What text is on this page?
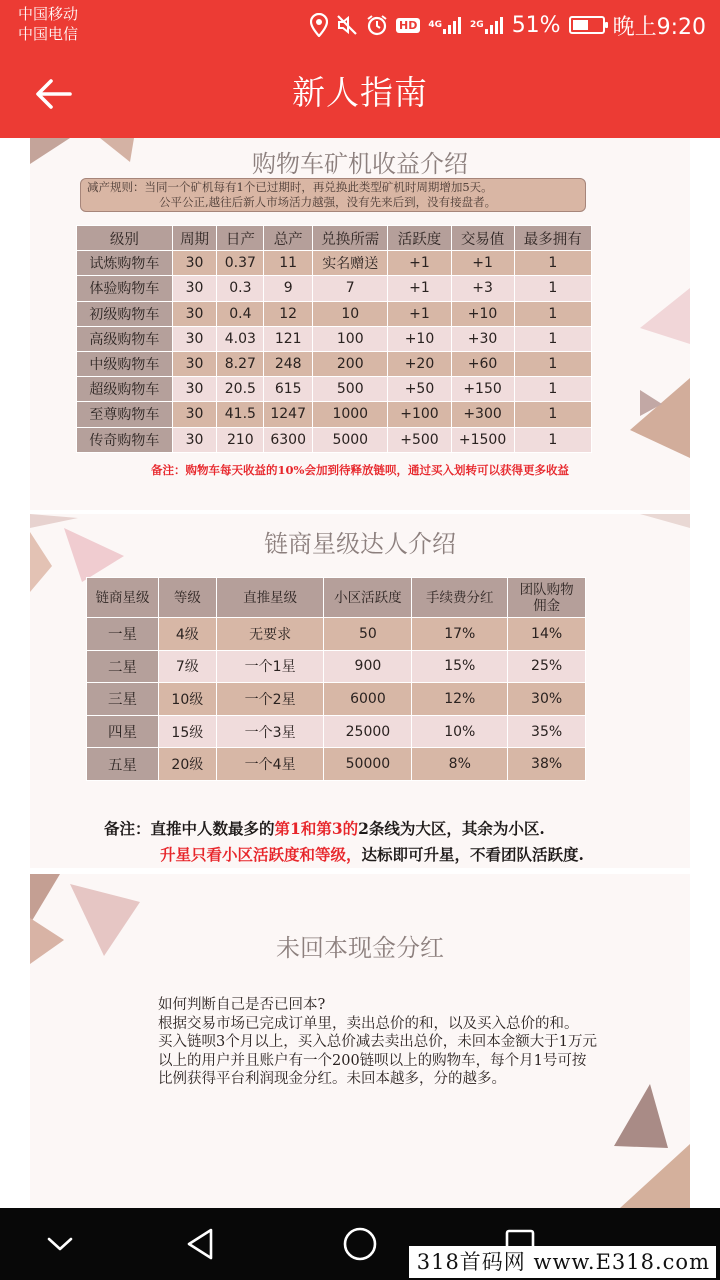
中国移动
中国电信	HD	4G	2G 51% 晚上9:20
新人指南
购物车矿机收益介绍
减产规则：当同一个矿机每有1个已过期时，再兑换此类型矿机时周期增加5天。
公平公正,越往后新人市场活力越强，没有先来后到，没有接盘者。
级别	周期	日产	总产	兑换所需	活跃度	交易值	最多拥有
试炼购物车	30	0.37	11	实名赠送	+1	+1	1
体验购物车	30	0.3	9	7	+1	+3	1
初级购物车	30	0.4	12	10	+1	+10	1
高级购物车	30	4.03	121	100	+10	+30	1
中级购物车	30	8.27	248	200	+20	+60	1
超级购物车	30	20.5	615	500	+50	+150	1
至尊购物车	30	41.5	1247	1000	+100	+300	1
传奇购物车	30	210	6300	5000	+500	+1500	1
备注：购物车每天收益的10%会加到待释放链呗，通过买入划转可以获得更多收益
链商星级达人介绍
链商星级	等级	直推星级	小区活跃度	手续费分红	团队购物佣金
一星	4级	无要求	50	17%	14%
二星	7级	一个1星	900	15%	25%
三星	10级	一个2星	6000	12%	30%
四星	15级	一个3星	25000	10%	35%
五星	20级	一个4星	50000	8%	38%
备注：直推中人数最多的第1和第3的2条线为大区，其余为小区.
升星只看小区活跃度和等级，达标即可升星，不看团队活跃度.
未回本现金分红

如何判断自己是否已回本?

根据交易市场已完成订单里，卖出总价的和，以及买入总价的和。

买入链呗3个月以上，买入总价减去卖出总价，未回本金额大于1万元以上的用户并且账户有一个200链呗以上的购物车，每个月1号可按比例获得平台利润现金分红。未回本越多，分的越多。

318首码网 www.E318.com
